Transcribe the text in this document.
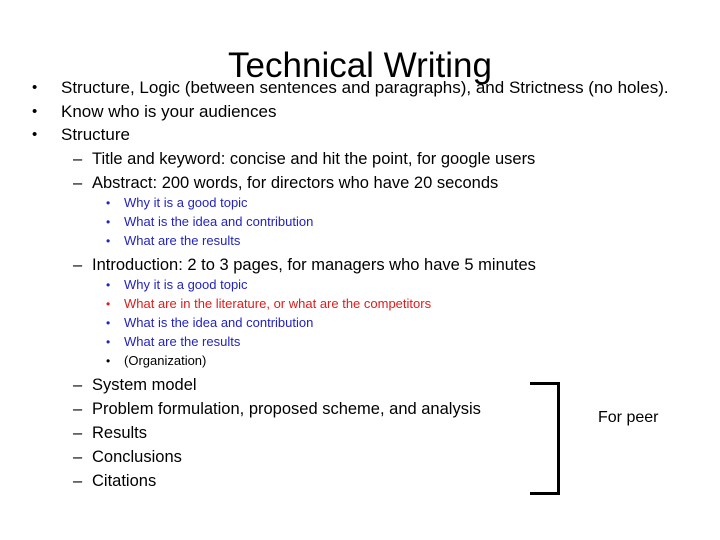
Technical Writing
• Structure, Logic (between sentences and paragraphs), and Strictness (no holes).
• Know who is your audiences
• Structure
– Title and keyword: concise and hit the point, for google users
– Abstract: 200 words, for directors who have 20 seconds
• Why it is a good topic
• What is the idea and contribution
• What are the results
– Introduction: 2 to 3 pages, for managers who have 5 minutes
• Why it is a good topic
• What are in the literature, or what are the competitors
• What is the idea and contribution
• What are the results
• (Organization)
– System model
– Problem formulation, proposed scheme, and analysis
– Results
– Conclusions
– Citations
For peer
